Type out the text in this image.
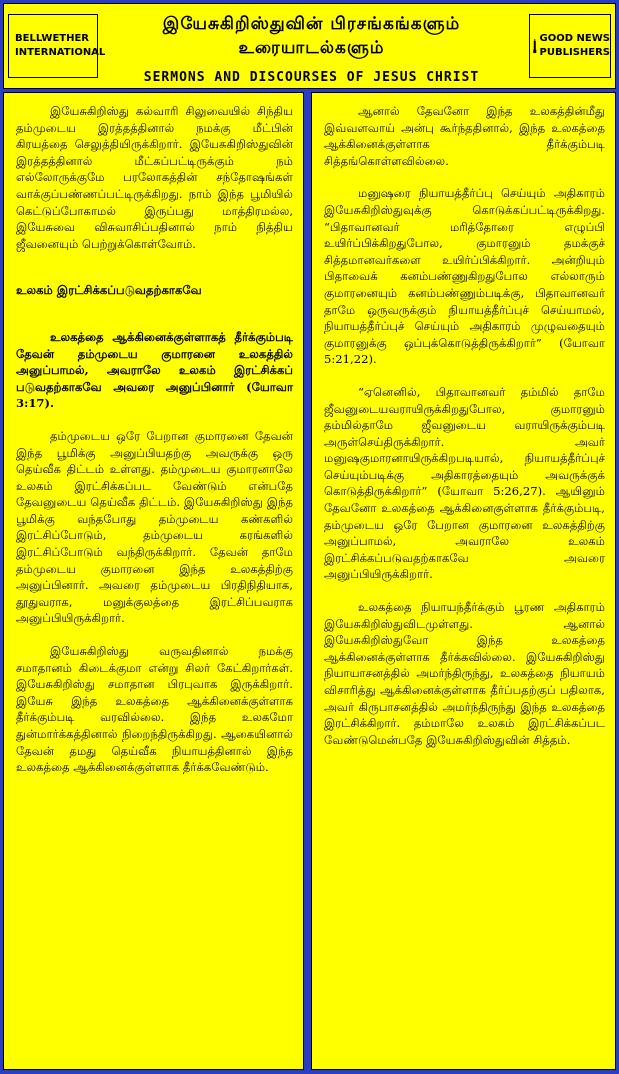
BELLWETHER
INTERNATIONAL
இயேசுகிறிஸ்துவின் பிரசங்கங்களும்
உரையாடல்களும்
SERMONS AND DISCOURSES OF JESUS CHRIST
GOOD NEWS
PUBLISHERS

இயேசுகிறிஸ்து கல்வாரி சிலுவையில் சிந்திய தம்முடைய இரத்தத்தினால் நமக்கு மீட்பின் கிரயத்தை செலுத்தியிருக்கிறார். இயேசுகிறிஸ்துவின் இரத்தத்தினால் மீட்கப்பட்டிருக்கும் நம் எல்லோருக்குமே பரலோகத்தின் சந்தோஷங்கள் வாக்குப்பண்ணப்பட்டிருக்கிறது. நாம் இந்த பூமியில் கெட்டுப்போகாமல் இருப்பது மாத்திரமல்ல, இயேசுவை விசுவாசிப்பதினால் நாம் நித்திய ஜீவனையும் பெற்றுக்கொள்வோம்.

உலகம் இரட்சிக்கப்படுவதற்காகவே

உலகத்தை ஆக்கினைக்குள்ளாகத் தீர்க்கும்படி தேவன் தம்முடைய குமாரனை உலகத்தில் அனுப்பாமல், அவராலே உலகம் இரட்சிக்கப் படுவதற்காகவே அவரை அனுப்பினார் (யோவா 3:17).

தம்முடைய ஒரே பேறான குமாரனை தேவன் இந்த பூமிக்கு அனுப்பியதற்கு அவருக்கு ஒரு தெய்வீக திட்டம் உள்ளது. தம்முடைய குமாரனாலே உலகம் இரட்சிக்கப்பட வேண்டும் என்பதே தேவனுடைய தெய்வீக திட்டம். இயேசுகிறிஸ்து இந்த பூமிக்கு வந்தபோது தம்முடைய கண்களில் இரட்சிப்போடும், தம்முடைய கரங்களில் இரட்சிப்போடும் வந்திருக்கிறார். தேவன் தாமே தம்முடைய குமாரனை இந்த உலகத்திற்கு அனுப்பினார். அவரை தம்முடைய பிரதிநிதியாக, தூதுவராக, மனுக்குலத்தை இரட்சிப்பவராக அனுப்பியிருக்கிறார்.

இயேசுகிறிஸ்து வருவதினால் நமக்கு சமாதானம் கிடைக்குமா என்று சிலர் கேட்கிறார்கள். இயேசுகிறிஸ்து சமாதான பிரபுவாக இருக்கிறார். இயேசு இந்த உலகத்தை ஆக்கினைக்குள்ளாக தீர்க்கும்படி வரவில்லை. இந்த உலகமோ துன்மார்க்கத்தினால் நிறைந்திருக்கிறது. ஆகையினால் தேவன் தமது தெய்வீக நியாயத்தினால் இந்த உலகத்தை ஆக்கினைக்குள்ளாக தீர்க்கவேண்டும்.

ஆனால் தேவனோ இந்த உலகத்தின்மீது இவ்வளவாய் அன்பு கூர்ந்ததினால், இந்த உலகத்தை ஆக்கினைக்குள்ளாக தீர்க்கும்படி சித்தங்கொள்ளவில்லை.

மனுஷரை நியாயத்தீர்ப்பு செய்யும் அதிகாரம் இயேசுகிறிஸ்துவுக்கு கொடுக்கப்பட்டிருக்கிறது. “பிதாவானவர் மரித்தோரை எழுப்பி உயிர்ப்பிக்கிறதுபோல, குமாரனும் தமக்குச் சித்தமானவர்களை உயிர்ப்பிக்கிறார். அன்றியும் பிதாவைக் கனம்பண்ணுகிறதுபோல எல்லாரும் குமாரனையும் கனம்பண்ணும்படிக்கு, பிதாவானவர் தாமே ஒருவருக்கும் நியாயத்தீர்ப்புச் செய்யாமல், நியாயத்தீர்ப்புச் செய்யும் அதிகாரம் முழுவதையும் குமாரனுக்கு ஒப்புக்கொடுத்திருக்கிறார்” (யோவா 5:21,22).

“ஏனெனில், பிதாவானவர் தம்மில் தாமே ஜீவனுடையவராயிருக்கிறதுபோல, குமாரனும் தம்மில்தாமே ஜீவனுடைய வராயிருக்கும்படி அருள்செய்திருக்கிறார். அவர் மனுஷகுமாரனாயிருக்கிறபடியால், நியாயத்தீர்ப்புச் செய்யும்படிக்கு அதிகாரத்தையும் அவருக்குக் கொடுத்திருக்கிறார்” (யோவா 5:26,27). ஆயினும் தேவனோ உலகத்தை ஆக்கினைகுள்ளாக தீர்க்கும்படி, தம்முடைய ஒரே பேறான குமாரனை உலகத்திற்கு அனுப்பாமல், அவராலே உலகம் இரட்சிக்கப்படுவதற்காகவே அவரை அனுப்பியிருக்கிறார்.

உலகத்தை நியாயந்தீர்க்கும் பூரண அதிகாரம் இயேசுகிறிஸ்துவிடமுள்ளது. ஆனால் இயேசுகிறிஸ்துவோ இந்த உலகத்தை ஆக்கினைக்குள்ளாக தீர்க்கவில்லை. இயேசுகிறிஸ்து நியாயாசனத்தில் அமர்ந்திருந்து, உலகத்தை நியாயம் விசாரித்து ஆக்கினைக்குள்ளாக தீர்ப்பதற்குப் பதிலாக, அவர் கிருபாசனத்தில் அமர்ந்திருந்து இந்த உலகத்தை இரட்சிக்கிறார். தம்மாலே உலகம் இரட்சிக்கப்பட வேண்டுமென்பதே இயேசுகிறிஸ்துவின் சித்தம்.
